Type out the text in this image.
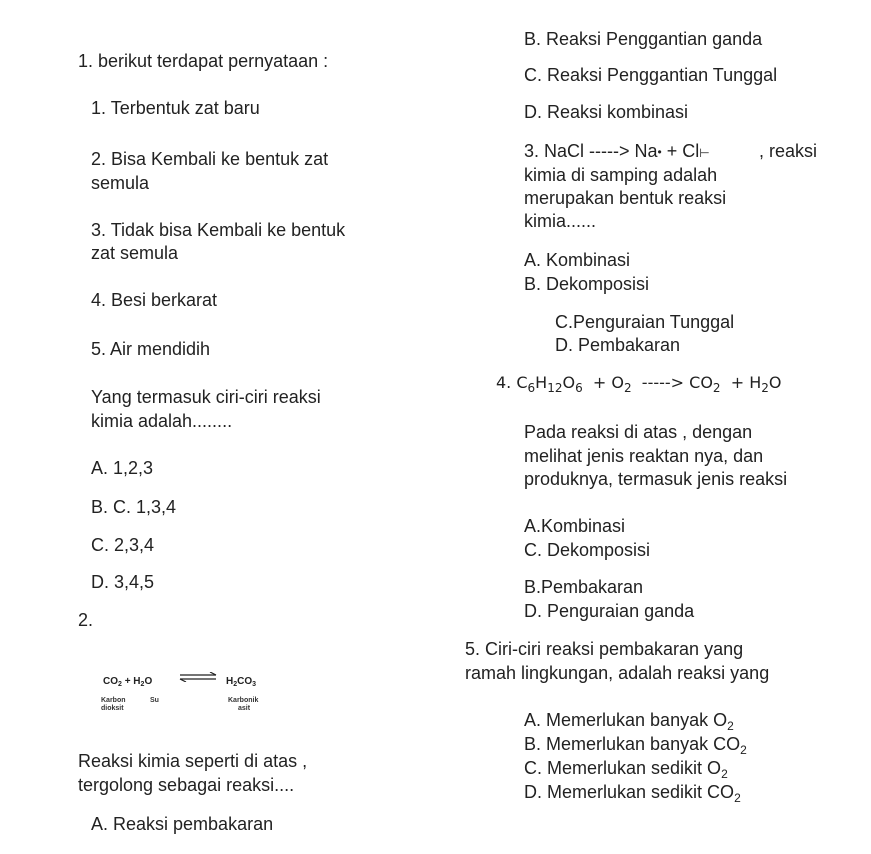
1. berikut terdapat pernyataan :
1. Terbentuk zat baru
2. Bisa Kembali ke bentuk zat
semula
3. Tidak bisa Kembali ke bentuk
zat semula
4. Besi berkarat
5. Air mendidih
Yang termasuk ciri-ciri reaksi
kimia adalah........
A. 1,2,3
B. C. 1,3,4
C. 2,3,4
D. 3,4,5
2.
$CO_2 + H_2O$ ⇌ $H_2CO_3$
Karbon
dioksit
Su	Karbonik
asit
Reaksi kimia seperti di atas ,
tergolong sebagai reaksi....
A. Reaksi pembakaran
B. Reaksi Penggantian ganda
C. Reaksi Penggantian Tunggal
D. Reaksi kombinasi
3. NaCl -----> Na• + Cl⊢	, reaksi
kimia di samping adalah
merupakan bentuk reaksi
kimia......
A. Kombinasi
B. Dekomposisi
C.Penguraian Tunggal
D. Pembakaran
4. $C_6H_{12}O_6 + O_2$ -----> $CO_2 + H_2O$
Pada reaksi di atas , dengan
melihat jenis reaktan nya, dan
produknya, termasuk jenis reaksi
A.Kombinasi
C. Dekomposisi
B.Pembakaran
D. Penguraian ganda
5. Ciri-ciri reaksi pembakaran yang
ramah lingkungan, adalah reaksi yang
A. Memerlukan banyak $O_2$
B. Memerlukan banyak $CO_2$
C. Memerlukan sedikit $O_2$
D. Memerlukan sedikit $CO_2$
